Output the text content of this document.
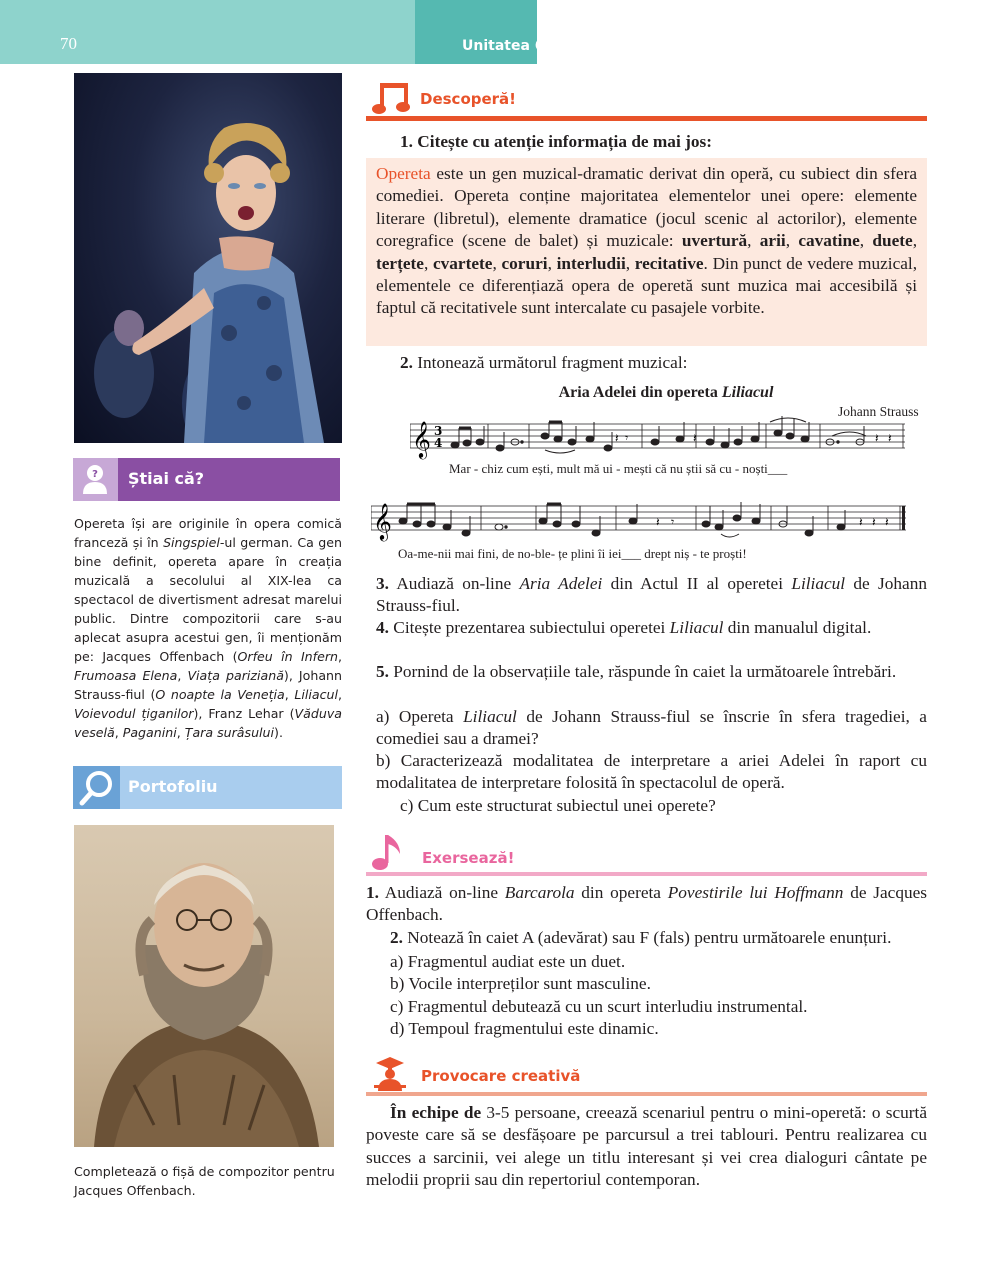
70	Unitatea 6
? Știai că?
Opereta își are originile în opera comică franceză și în Singspiel-ul german. Ca gen bine definit, opereta apare în creația muzicală a secolului al XIX-lea ca spectacol de divertisment adresat marelui public. Dintre compozitorii care s-au aplecat asupra acestui gen, îi menționăm pe: Jacques Offenbach (Orfeu în Infern, Frumoasa Elena, Viața pariziană), Johann Strauss-fiul (O noapte la Veneția, Liliacul, Voievodul țiganilor), Franz Lehar (Văduva veselă, Paganini, Țara surâsului).
Portofoliu
Completează o fișă de compozitor pentru Jacques Offenbach.
Descoperă!
1. Citește cu atenție informația de mai jos:
Opereta este un gen muzical-dramatic derivat din operă, cu subiect din sfera comediei. Opereta conține majoritatea elementelor unei opere: elemente literare (libretul), elemente dramatice (jocul scenic al actorilor), elemente coregrafice (scene de balet) și muzicale: uvertură, arii, cavatine, duete, terțete, cvartete, coruri, interludii, recitative. Din punct de vedere muzical, elementele ce diferențiază opera de operetă sunt muzica mai accesibilă și faptul că recitativele sunt intercalate cu pasajele vorbite.
2. Intonează următorul fragment muzical:
Aria Adelei din opereta Liliacul
Johann Strauss
𝄞 3
4	𝄽 𝄾	𝄽 𝄽
𝄽
Mar - chiz cum ești, mult mă ui - mești că nu știi să cu - noști___
𝄞	𝄽 𝄾	𝄽 𝄽 𝄽
Oa-me-nii mai fini, de no-ble- țe plini îi iei___ drept niș - te proști!
3. Audiază on-line Aria Adelei din Actul II al operetei Liliacul de Johann Strauss-fiul.
4. Citește prezentarea subiectului operetei Liliacul din manualul digital.
5. Pornind de la observațiile tale, răspunde în caiet la următoarele întrebări.
a) Opereta Liliacul de Johann Strauss-fiul se înscrie în sfera tragediei, a comediei sau a dramei?
b) Caracterizează modalitatea de interpretare a ariei Adelei în raport cu modalitatea de interpretare folosită în spectacolul de operă.
c) Cum este structurat subiectul unei operete?
Exersează!
1. Audiază on-line Barcarola din opereta Povestirile lui Hoffmann de Jacques Offenbach.
2. Notează în caiet A (adevărat) sau F (fals) pentru următoarele enunțuri.
a) Fragmentul audiat este un duet.
b) Vocile interpreților sunt masculine.
c) Fragmentul debutează cu un scurt interludiu instrumental.
d) Tempoul fragmentului este dinamic.
Provocare creativă
În echipe de 3-5 persoane, creează scenariul pentru o mini-operetă: o scurtă poveste care să se desfășoare pe parcursul a trei tablouri. Pentru realizarea cu succes a sarcinii, vei alege un titlu interesant și vei crea dialoguri cântate pe melodii proprii sau din repertoriul contemporan.
